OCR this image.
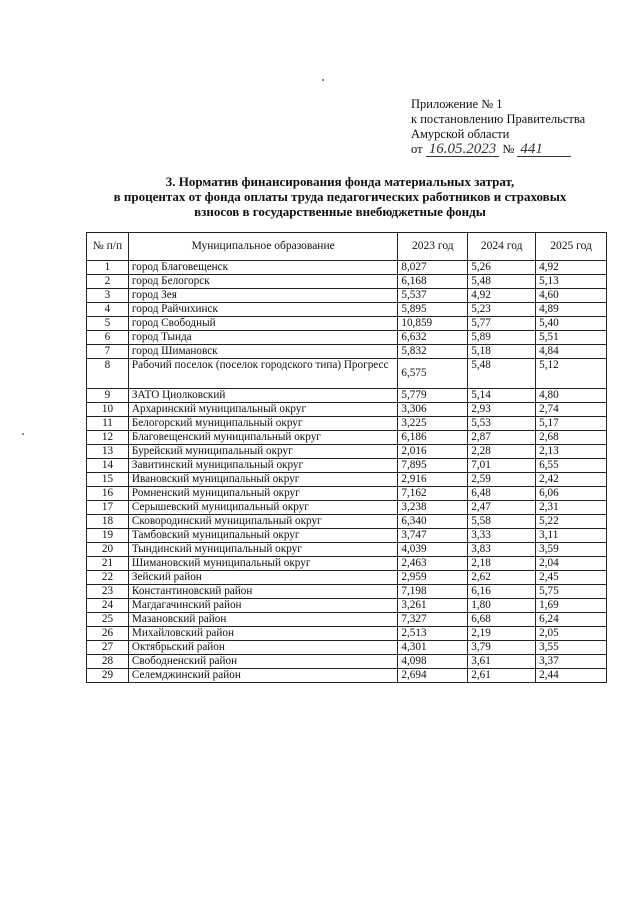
Приложение № 1
к постановлению Правительства
Амурской области
от 16.05.2023 № 441
3. Норматив финансирования фонда материальных затрат,
в процентах от фонда оплаты труда педагогических работников и страховых
взносов в государственные внебюджетные фонды
№ п/п	Муниципальное образование	2023 год	2024 год	2025 год
1	город Благовещенск	8,027	5,26	4,92
2	город Белогорск	6,168	5,48	5,13
3	город Зея	5,537	4,92	4,60
4	город Райчихинск	5,895	5,23	4,89
5	город Свободный	10,859	5,77	5,40
6	город Тында	6,632	5,89	5,51
7	город Шимановск	5,832	5,18	4,84
8	Рабочий поселок (поселок городского типа) Прогресс	6,575	5,48	5,12
9	ЗАТО Циолковский	5,779	5,14	4,80
10	Архаринский муниципальный округ	3,306	2,93	2,74
11	Белогорский муниципальный округ	3,225	5,53	5,17
12	Благовещенский муниципальный округ	6,186	2,87	2,68
13	Бурейский муниципальный округ	2,016	2,28	2,13
14	Завитинский муниципальный округ	7,895	7,01	6,55
15	Ивановский муниципальный округ	2,916	2,59	2,42
16	Ромненский муниципальный округ	7,162	6,48	6,06
17	Серышевский муниципальный округ	3,238	2,47	2,31
18	Сковородинский муниципальный округ	6,340	5,58	5,22
19	Тамбовский муниципальный округ	3,747	3,33	3,11
20	Тындинский муниципальный округ	4,039	3,83	3,59
21	Шимановский муниципальный округ	2,463	2,18	2,04
22	Зейский район	2,959	2,62	2,45
23	Константиновский район	7,198	6,16	5,75
24	Магдагачинский район	3,261	1,80	1,69
25	Мазановский район	7,327	6,68	6,24
26	Михайловский район	2,513	2,19	2,05
27	Октябрьский район	4,301	3,79	3,55
28	Свободненский район	4,098	3,61	3,37
29	Селемджинский район	2,694	2,61	2,44
